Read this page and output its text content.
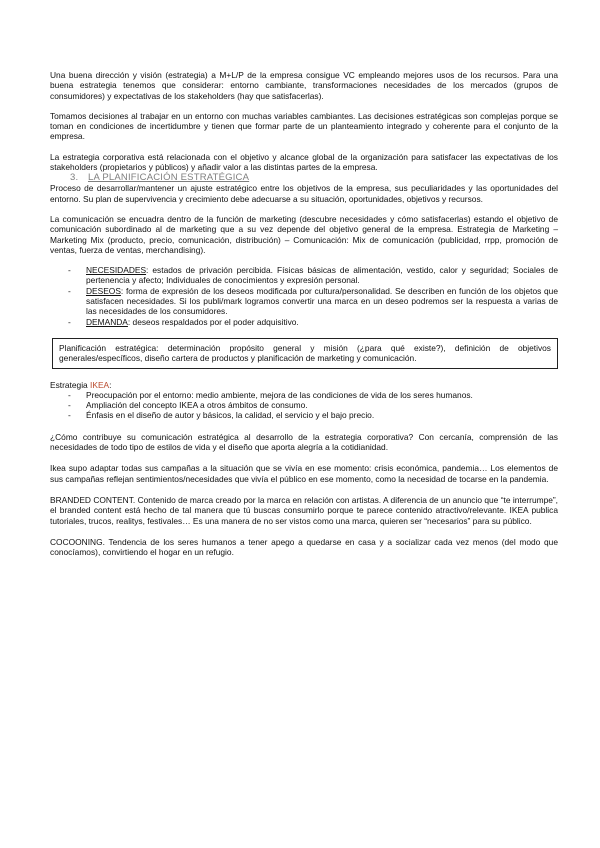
Una buena dirección y visión (estrategia) a M+L/P de la empresa consigue VC empleando mejores usos de los recursos. Para una buena estrategia tenemos que considerar: entorno cambiante, transformaciones necesidades de los mercados (grupos de consumidores) y expectativas de los stakeholders (hay que satisfacerlas).

Tomamos decisiones al trabajar en un entorno con muchas variables cambiantes. Las decisiones estratégicas son complejas porque se toman en condiciones de incertidumbre y tienen que formar parte de un planteamiento integrado y coherente para el conjunto de la empresa.

La estrategia corporativa está relacionada con el objetivo y alcance global de la organización para satisfacer las expectativas de los stakeholders (propietarios y públicos) y añadir valor a las distintas partes de la empresa.

3. LA PLANIFICACIÓN ESTRATÉGICA

Proceso de desarrollar/mantener un ajuste estratégico entre los objetivos de la empresa, sus peculiaridades y las oportunidades del entorno. Su plan de supervivencia y crecimiento debe adecuarse a su situación, oportunidades, objetivos y recursos.

La comunicación se encuadra dentro de la función de marketing (descubre necesidades y cómo satisfacerlas) estando el objetivo de comunicación subordinado al de marketing que a su vez depende del objetivo general de la empresa. Estrategia de Marketing – Marketing Mix (producto, precio, comunicación, distribución) – Comunicación: Mix de comunicación (publicidad, rrpp, promoción de ventas, fuerza de ventas, merchandising).

- NECESIDADES: estados de privación percibida. Físicas básicas de alimentación, vestido, calor y seguridad; Sociales de pertenencia y afecto; Individuales de conocimientos y expresión personal.
- DESEOS: forma de expresión de los deseos modificada por cultura/personalidad. Se describen en función de los objetos que satisfacen necesidades. Si los publi/mark logramos convertir una marca en un deseo podremos ser la respuesta a varias de las necesidades de los consumidores.
- DEMANDA: deseos respaldados por el poder adquisitivo.

Planificación estratégica: determinación propósito general y misión (¿para qué existe?), definición de objetivos generales/específicos, diseño cartera de productos y planificación de marketing y comunicación.

Estrategia IKEA:

- Preocupación por el entorno: medio ambiente, mejora de las condiciones de vida de los seres humanos.
- Ampliación del concepto IKEA a otros ámbitos de consumo.
- Énfasis en el diseño de autor y básicos, la calidad, el servicio y el bajo precio.

¿Cómo contribuye su comunicación estratégica al desarrollo de la estrategia corporativa? Con cercanía, comprensión de las necesidades de todo tipo de estilos de vida y el diseño que aporta alegría a la cotidianidad.

Ikea supo adaptar todas sus campañas a la situación que se vivía en ese momento: crisis económica, pandemia… Los elementos de sus campañas reflejan sentimientos/necesidades que vivía el público en ese momento, como la necesidad de tocarse en la pandemia.

BRANDED CONTENT. Contenido de marca creado por la marca en relación con artistas. A diferencia de un anuncio que “te interrumpe”, el branded content está hecho de tal manera que tú buscas consumirlo porque te parece contenido atractivo/relevante. IKEA publica tutoriales, trucos, realitys, festivales… Es una manera de no ser vistos como una marca, quieren ser “necesarios” para su público.

COCOONING. Tendencia de los seres humanos a tener apego a quedarse en casa y a socializar cada vez menos (del modo que conocíamos), convirtiendo el hogar en un refugio.
